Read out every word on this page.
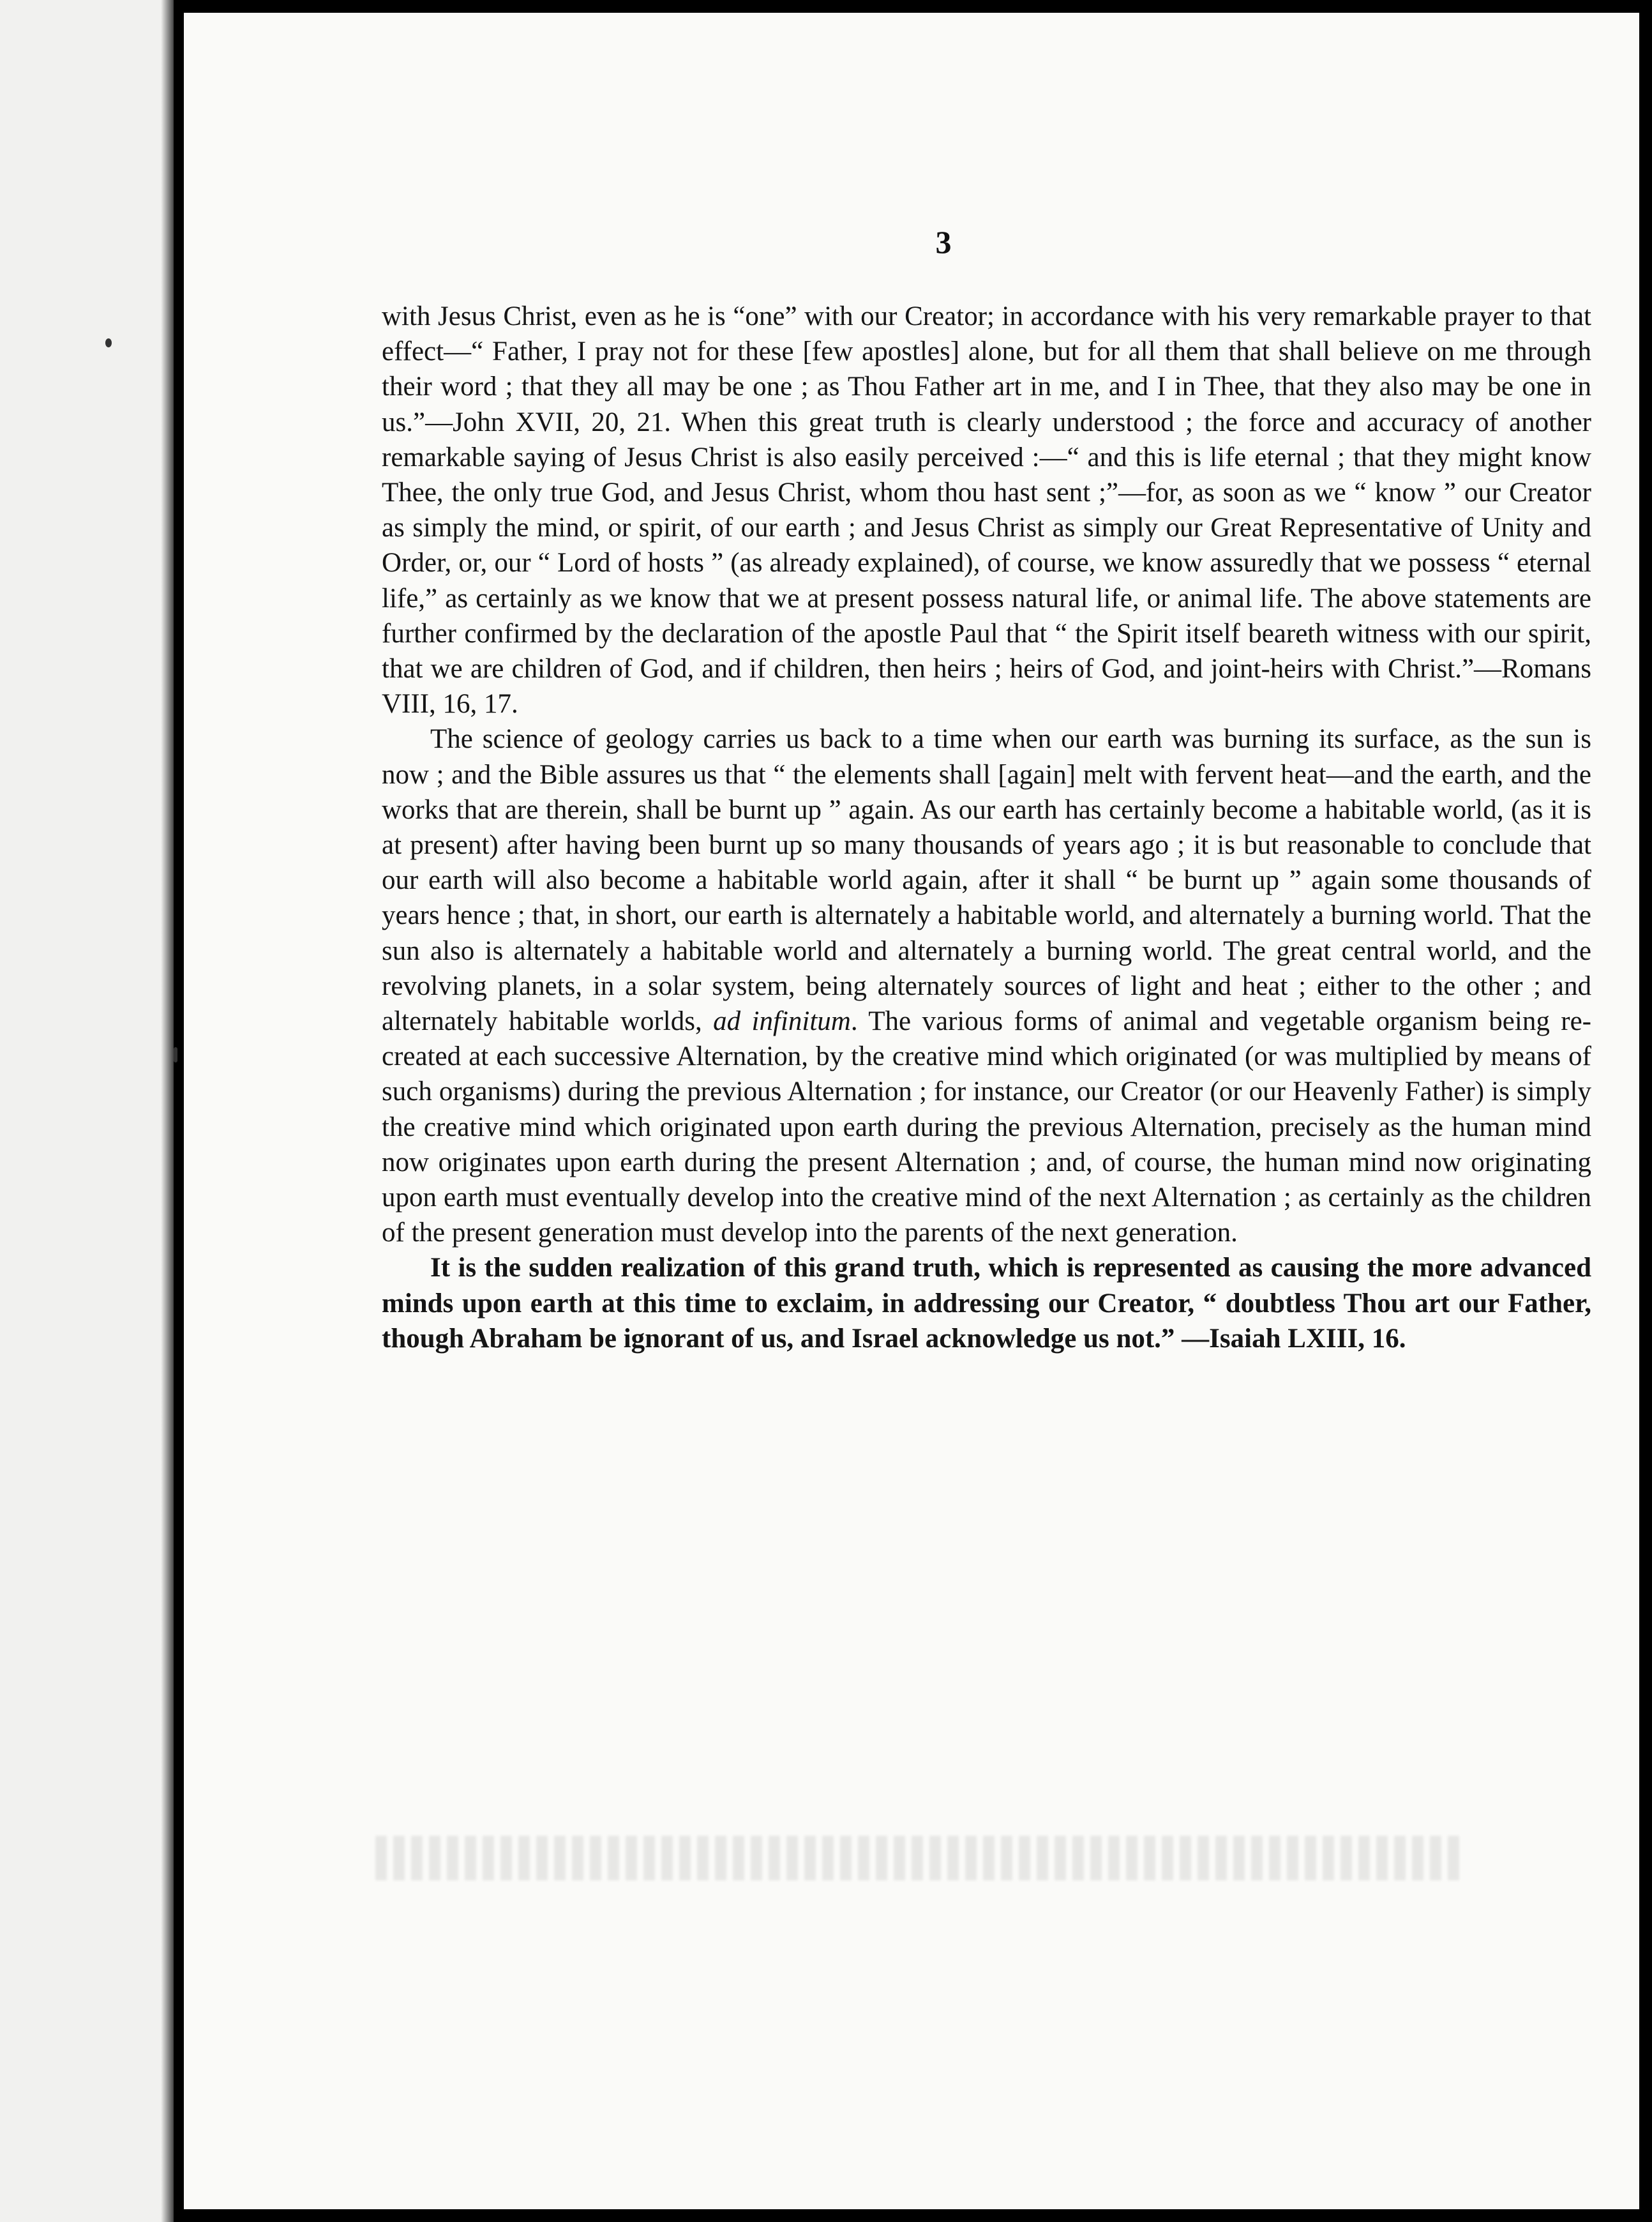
3

with Jesus Christ, even as he is “one” with our Creator; in accordance with his very remarkable prayer to that effect—“ Father, I pray not for these [few apostles] alone, but for all them that shall believe on me through their word ; that they all may be one ; as Thou Father art in me, and I in Thee, that they also may be one in us.”—John XVII, 20, 21. When this great truth is clearly understood ; the force and accuracy of another remarkable saying of Jesus Christ is also easily perceived :—“ and this is life eternal ; that they might know Thee, the only true God, and Jesus Christ, whom thou hast sent ;”—for, as soon as we “ know ” our Creator as simply the mind, or spirit, of our earth ; and Jesus Christ as simply our Great Representative of Unity and Order, or, our “ Lord of hosts ” (as already explained), of course, we know assuredly that we possess “ eternal life,” as certainly as we know that we at present possess natural life, or animal life. The above statements are further confirmed by the declaration of the apostle Paul that “ the Spirit itself beareth witness with our spirit, that we are children of God, and if children, then heirs ; heirs of God, and joint-heirs with Christ.”—Romans VIII, 16, 17.

The science of geology carries us back to a time when our earth was burning its surface, as the sun is now ; and the Bible assures us that “ the elements shall [again] melt with fervent heat—and the earth, and the works that are therein, shall be burnt up ” again. As our earth has certainly become a habitable world, (as it is at present) after having been burnt up so many thousands of years ago ; it is but reasonable to conclude that our earth will also become a habitable world again, after it shall “ be burnt up ” again some thousands of years hence ; that, in short, our earth is alternately a habitable world, and alternately a burning world. That the sun also is alternately a habitable world and alternately a burning world. The great central world, and the revolving planets, in a solar system, being alternately sources of light and heat ; either to the other ; and alternately habitable worlds, ad infinitum. The various forms of animal and vegetable organism being re-created at each successive Alternation, by the creative mind which originated (or was multiplied by means of such organisms) during the previous Alternation ; for instance, our Creator (or our Heavenly Father) is simply the creative mind which originated upon earth during the previous Alternation, precisely as the human mind now originates upon earth during the present Alternation ; and, of course, the human mind now originating upon earth must eventually develop into the creative mind of the next Alternation ; as certainly as the children of the present generation must develop into the parents of the next generation.

It is the sudden realization of this grand truth, which is represented as causing the more advanced minds upon earth at this time to exclaim, in addressing our Creator, “ doubtless Thou art our Father, though Abraham be ignorant of us, and Israel acknowledge us not.” —Isaiah LXIII, 16.
